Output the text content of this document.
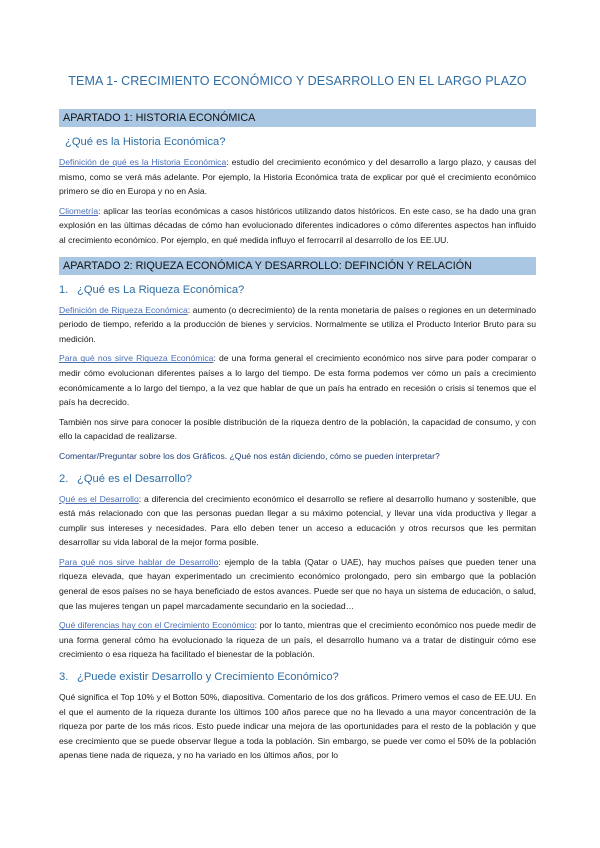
TEMA 1- CRECIMIENTO ECONÓMICO Y DESARROLLO EN EL LARGO PLAZO
APARTADO 1: HISTORIA ECONÓMICA
¿Qué es la Historia Económica?

Definición de qué es la Historia Económica: estudio del crecimiento económico y del desarrollo a largo plazo, y causas del mismo, como se verá más adelante. Por ejemplo, la Historia Económica trata de explicar por qué el crecimiento económico primero se dio en Europa y no en Asia.

Cliometría: aplicar las teorías económicas a casos históricos utilizando datos históricos. En este caso, se ha dado una gran explosión en las últimas décadas de cómo han evolucionado diferentes indicadores o cómo diferentes aspectos han influido al crecimiento económico. Por ejemplo, en qué medida influyo el ferrocarril al desarrollo de los EE.UU.

APARTADO 2: RIQUEZA ECONÓMICA Y DESARROLLO: DEFINCIÓN Y RELACIÓN
1. ¿Qué es La Riqueza Económica?

Definición de Riqueza Económica: aumento (o decrecimiento) de la renta monetaria de países o regiones en un determinado periodo de tiempo, referido a la producción de bienes y servicios. Normalmente se utiliza el Producto Interior Bruto para su medición.

Para qué nos sirve Riqueza Económica: de una forma general el crecimiento económico nos sirve para poder comparar o medir cómo evolucionan diferentes países a lo largo del tiempo. De esta forma podemos ver cómo un país a crecimiento económicamente a lo largo del tiempo, a la vez que hablar de que un país ha entrado en recesión o crisis si tenemos que el país ha decrecido.

También nos sirve para conocer la posible distribución de la riqueza dentro de la población, la capacidad de consumo, y con ello la capacidad de realizarse.

Comentar/Preguntar sobre los dos Gráficos. ¿Qué nos están diciendo, cómo se pueden interpretar?

2. ¿Qué es el Desarrollo?

Qué es el Desarrollo: a diferencia del crecimiento económico el desarrollo se refiere al desarrollo humano y sostenible, que está más relacionado con que las personas puedan llegar a su máximo potencial, y llevar una vida productiva y llegar a cumplir sus intereses y necesidades. Para ello deben tener un acceso a educación y otros recursos que les permitan desarrollar su vida laboral de la mejor forma posible.

Para qué nos sirve hablar de Desarrollo: ejemplo de la tabla (Qatar o UAE), hay muchos países que pueden tener una riqueza elevada, que hayan experimentado un crecimiento económico prolongado, pero sin embargo que la población general de esos países no se haya beneficiado de estos avances. Puede ser que no haya un sistema de educación, o salud, que las mujeres tengan un papel marcadamente secundario en la sociedad…

Qué diferencias hay con el Crecimiento Económico: por lo tanto, mientras que el crecimiento económico nos puede medir de una forma general cómo ha evolucionado la riqueza de un país, el desarrollo humano va a tratar de distinguir cómo ese crecimiento o esa riqueza ha facilitado el bienestar de la población.

3. ¿Puede existir Desarrollo y Crecimiento Económico?

Qué significa el Top 10% y el Botton 50%, diapositiva. Comentario de los dos gráficos. Primero vemos el caso de EE.UU. En el que el aumento de la riqueza durante los últimos 100 años parece que no ha llevado a una mayor concentración de la riqueza por parte de los más ricos. Esto puede indicar una mejora de las oportunidades para el resto de la población y que ese crecimiento que se puede observar llegue a toda la población. Sin embargo, se puede ver como el 50% de la población apenas tiene nada de riqueza, y no ha variado en los últimos años, por lo
